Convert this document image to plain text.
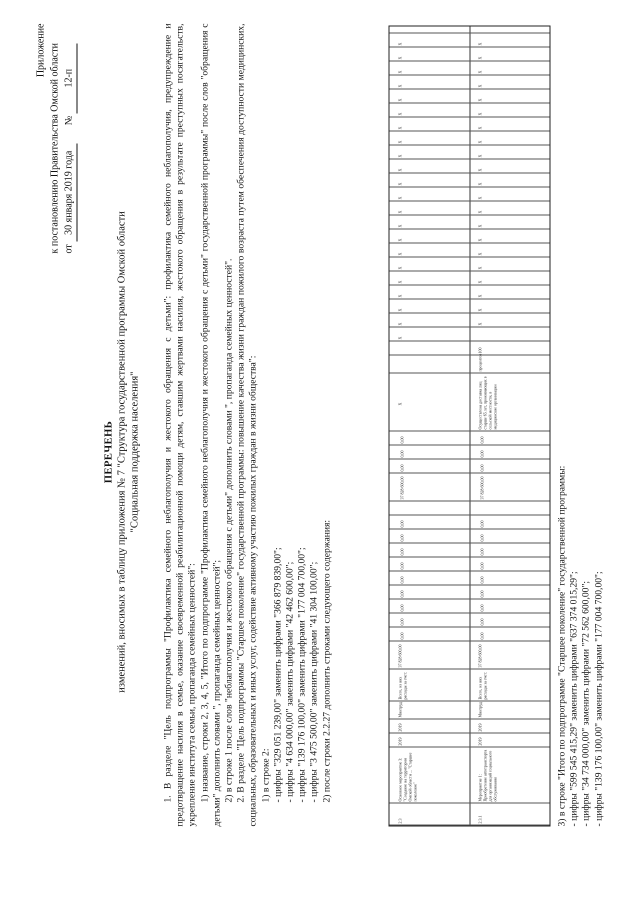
Приложение к постановлению Правительства Омской области от 30 января 2019 года № 12-п
ПЕРЕЧЕНЬ изменений, вносимых в таблицу приложения № 7 "Структура государственной программы Омской области "Социальная поддержка населения" 1. В разделе "Цель подпрограммы "Профилактика семейного неблагополучия и жестокого обращения с детьми": профилактика семейного неблагополучия, предупреждение и предотвращение насилия в семье, оказание своевременной реабилитационной помощи детям, ставшим жертвами насилия, жестокого обращения в результате преступных посягательств, укрепление института семьи, пропаганда семейных ценностей": 1) название, строки 2, 3, 4, 5, "Итого по подпрограмме "Профилактика семейного неблагополучия и жестокого обращения с детьми" государственной программы" после слов "обращения с детьми" дополнить словами ", пропаганда семейных ценностей"; 2) в строке 1 после слов "неблагополучия и жестокого обращения с детьми" дополнить словами ", пропаганда семейных ценностей". 2. В разделе "Цель подпрограммы "Старшее поколение" государственной программы: повышение качества жизни граждан пожилого возраста путем обеспечения доступности медицинских, социальных, образовательных и иных услуг, содействие активному участию пожилых граждан в жизни общества": 1) в строке 2: - цифры "329 051 239,00" заменить цифрами "366 879 839,00"; - цифры "4 634 000,00" заменить цифрами "42 462 600,00"; - цифры "139 176 100,00" заменить цифрами "177 004 700,00"; - цифры "3 475 500,00" заменить цифрами "41 304 100,00"; 2) после строки 2.2.27 дополнить строками следующего содержания:

2.3
Основное мероприятие 3: "Создание на территории Омской области ... "Старшее поколение"
2019
2019
Минтруд
Всего, из них расходы за счет:
37 828 600,00
0,00
0,00
0,00
0,00
0,00
0,00
0,00
0,00
0,00
37 828 600,00
0,00
0,00
0,00
2.3.1
Мероприятие 1: Приобретение автотранспорта для организаций социального обслуживания
2019
2019
Минтруд
Всего, из них расходы за счет:
37 828 600,00
0,00
0,00
0,00
0,00
0,00
0,00
0,00
0,00
0,00
37 828 600,00
0,00
0,00
0,00
X	Осуществлена доставка лиц старше 65 лет, проживающих в сельской местности, в медицинские организации
процентов
100
X
X
X
X
X
X
X
X
X
X
X
X
X
X
X
X
X
X
X
X
X
X
X
X
X
X
X
X
X
X
X
X
X
X
X
X
X
X
X
X
X
X
X

3) в строке "Итого по подпрограмме "Старшее поколение" государственной программы: - цифры "599 545 415,29" заменить цифрами "637 374 015,29"; - цифры "34 734 000,00" заменить цифрами "72 562 600,00"; - цифры "139 176 100,00" заменить цифрами "177 004 700,00";
